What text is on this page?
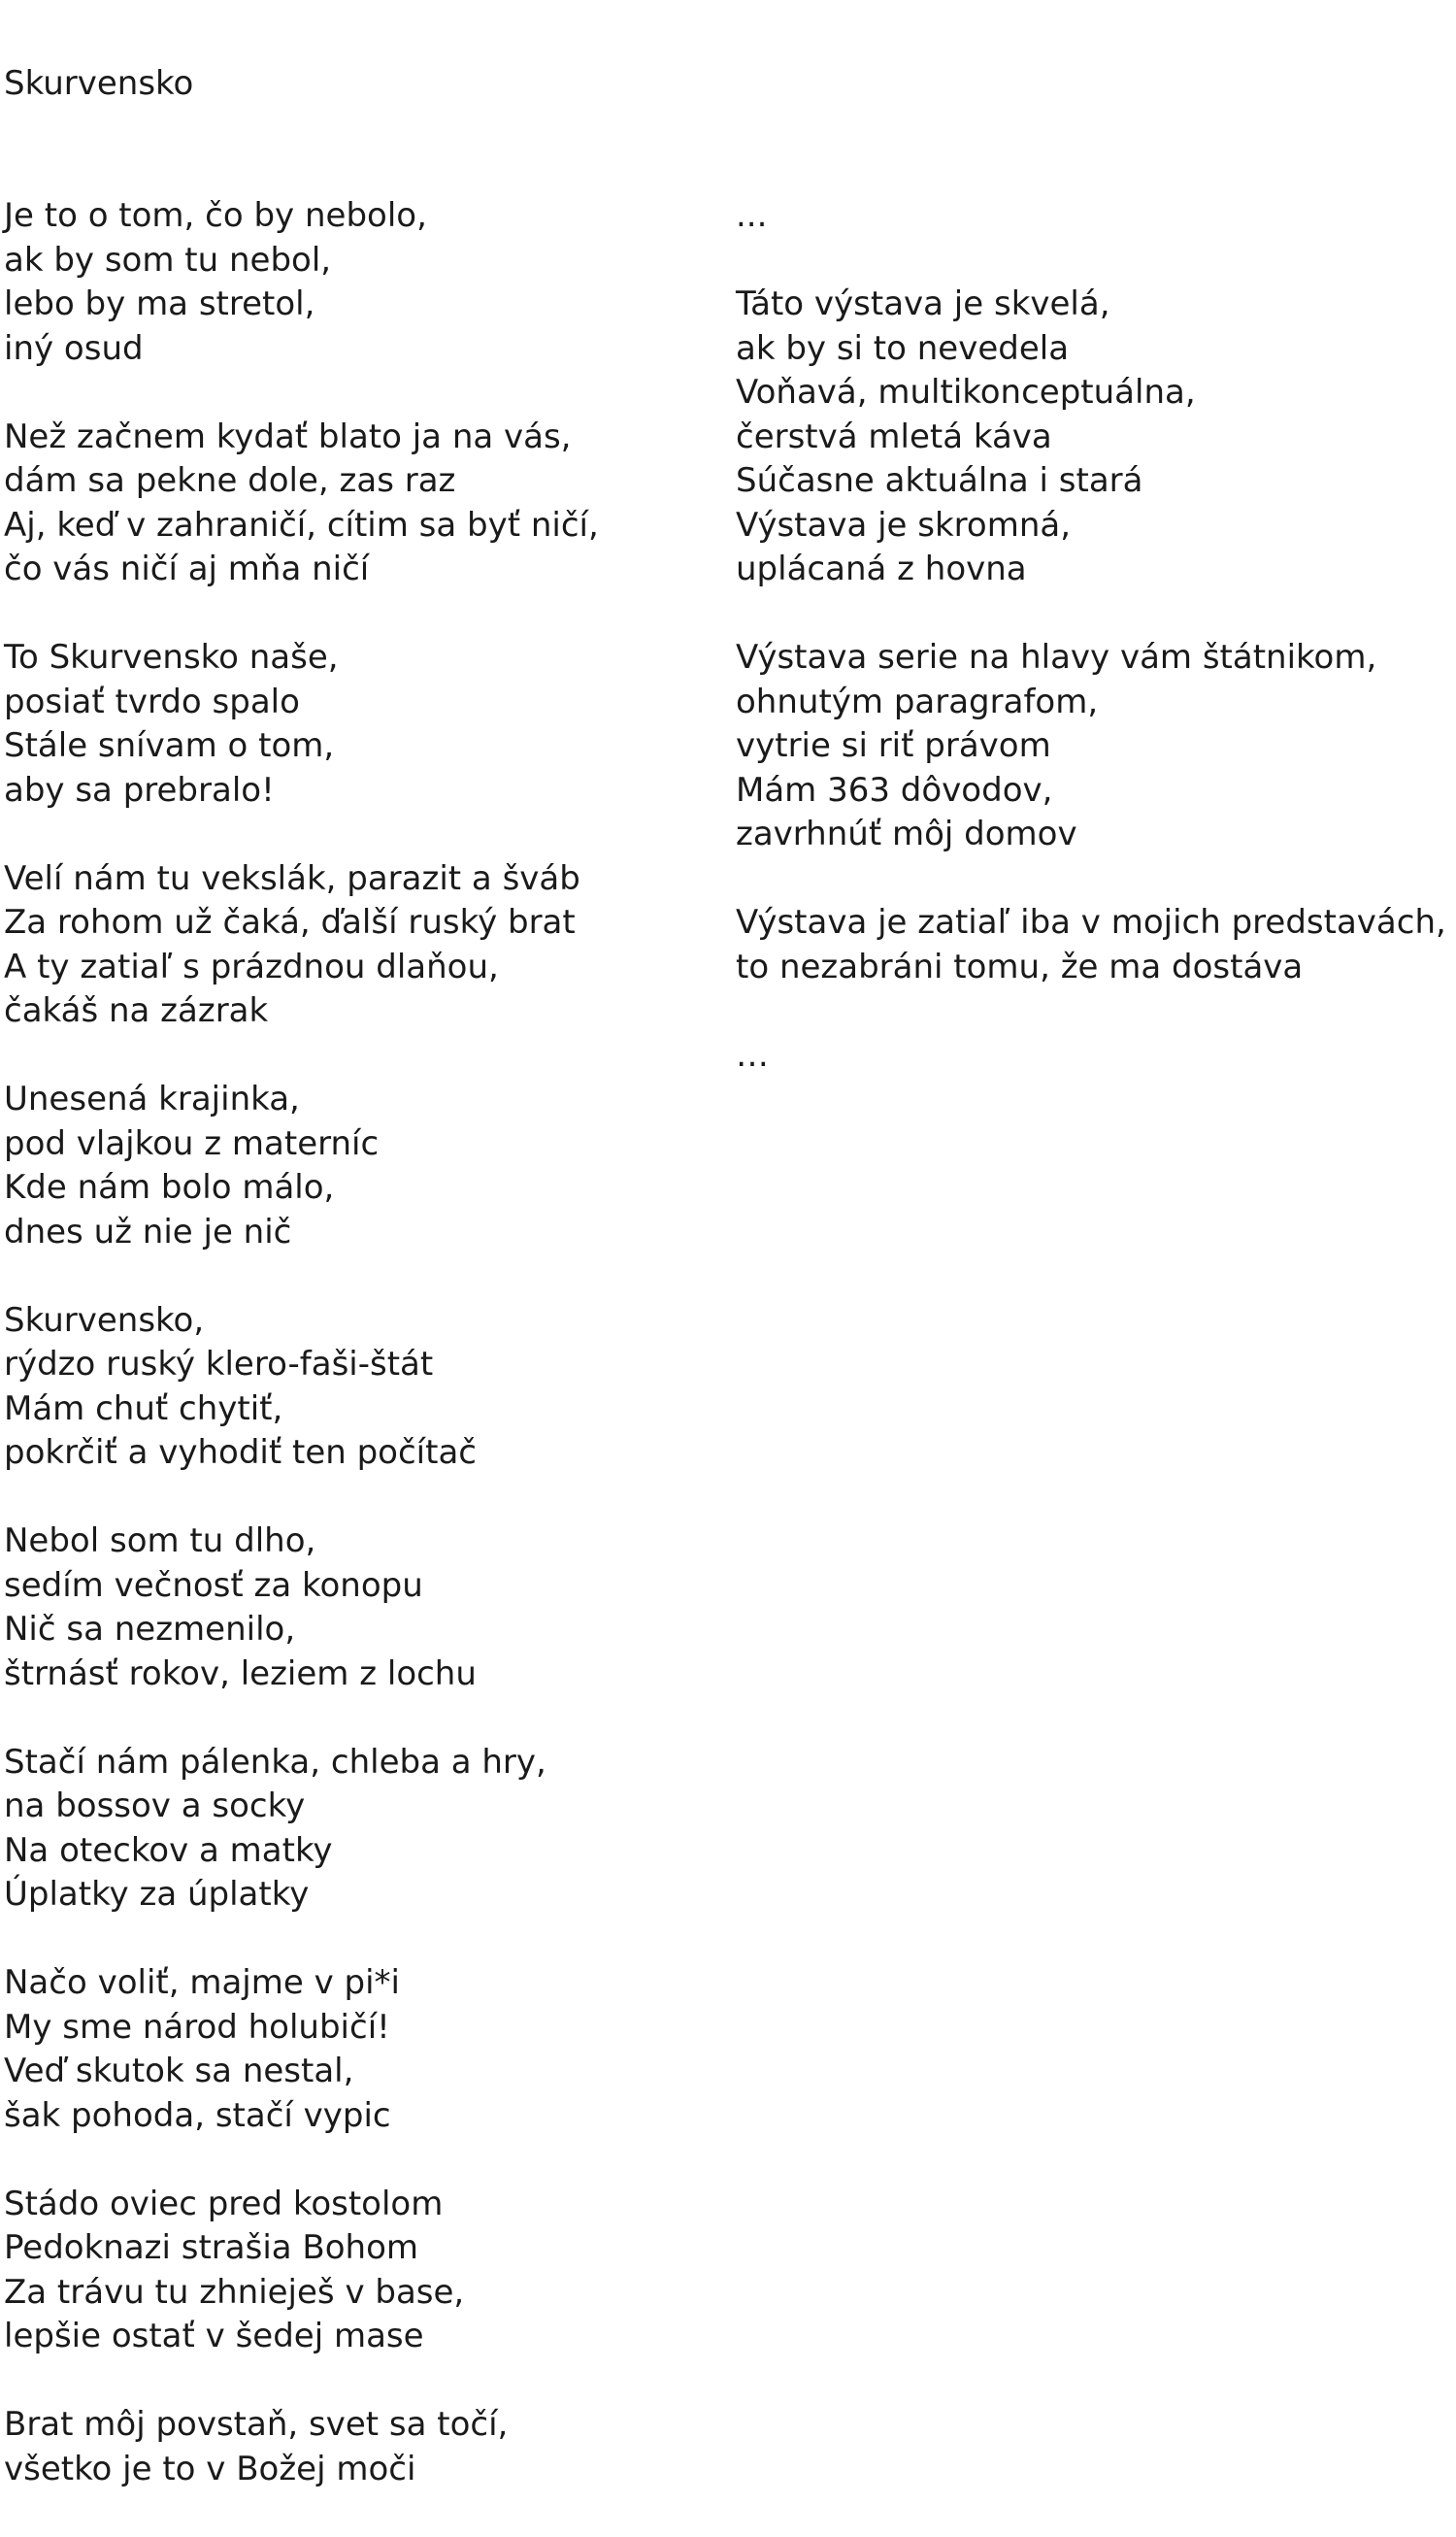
Skurvensko
Je to o tom, čo by nebolo,
ak by som tu nebol,
lebo by ma stretol,
iný osud
Než začnem kydať blato ja na vás,
dám sa pekne dole, zas raz
Aj, keď v zahraničí, cítim sa byť ničí,
čo vás ničí aj mňa ničí
To Skurvensko naše,
posiať tvrdo spalo
Stále snívam o tom,
aby sa prebralo!
Velí nám tu vekslák, parazit a šváb
Za rohom už čaká, ďalší ruský brat
A ty zatiaľ s prázdnou dlaňou,
čakáš na zázrak
Unesená krajinka,
pod vlajkou z materníc
Kde nám bolo málo,
dnes už nie je nič
Skurvensko,
rýdzo ruský klero-faši-štát
Mám chuť chytiť,
pokrčiť a vyhodiť ten počítač
Nebol som tu dlho,
sedím večnosť za konopu
Nič sa nezmenilo,
štrnásť rokov, leziem z lochu
Stačí nám pálenka, chleba a hry,
na bossov a socky
Na oteckov a matky
Úplatky za úplatky
Načo voliť, majme v pi*i
My sme národ holubičí!
Veď skutok sa nestal,
šak pohoda, stačí vypic
Stádo oviec pred kostolom
Pedoknazi strašia Bohom
Za trávu tu zhnieješ v base,
lepšie ostať v šedej mase
Brat môj povstaň, svet sa točí,
všetko je to v Božej moči
...
Táto výstava je skvelá,
ak by si to nevedela
Voňavá, multikonceptuálna,
čerstvá mletá káva
Súčasne aktuálna i stará
Výstava je skromná,
uplácaná z hovna
Výstava serie na hlavy vám štátnikom,
ohnutým paragrafom,
vytrie si riť právom
Mám 363 dôvodov,
zavrhnúť môj domov
Výstava je zatiaľ iba v mojich predstavách,
to nezabráni tomu, že ma dostáva
…
